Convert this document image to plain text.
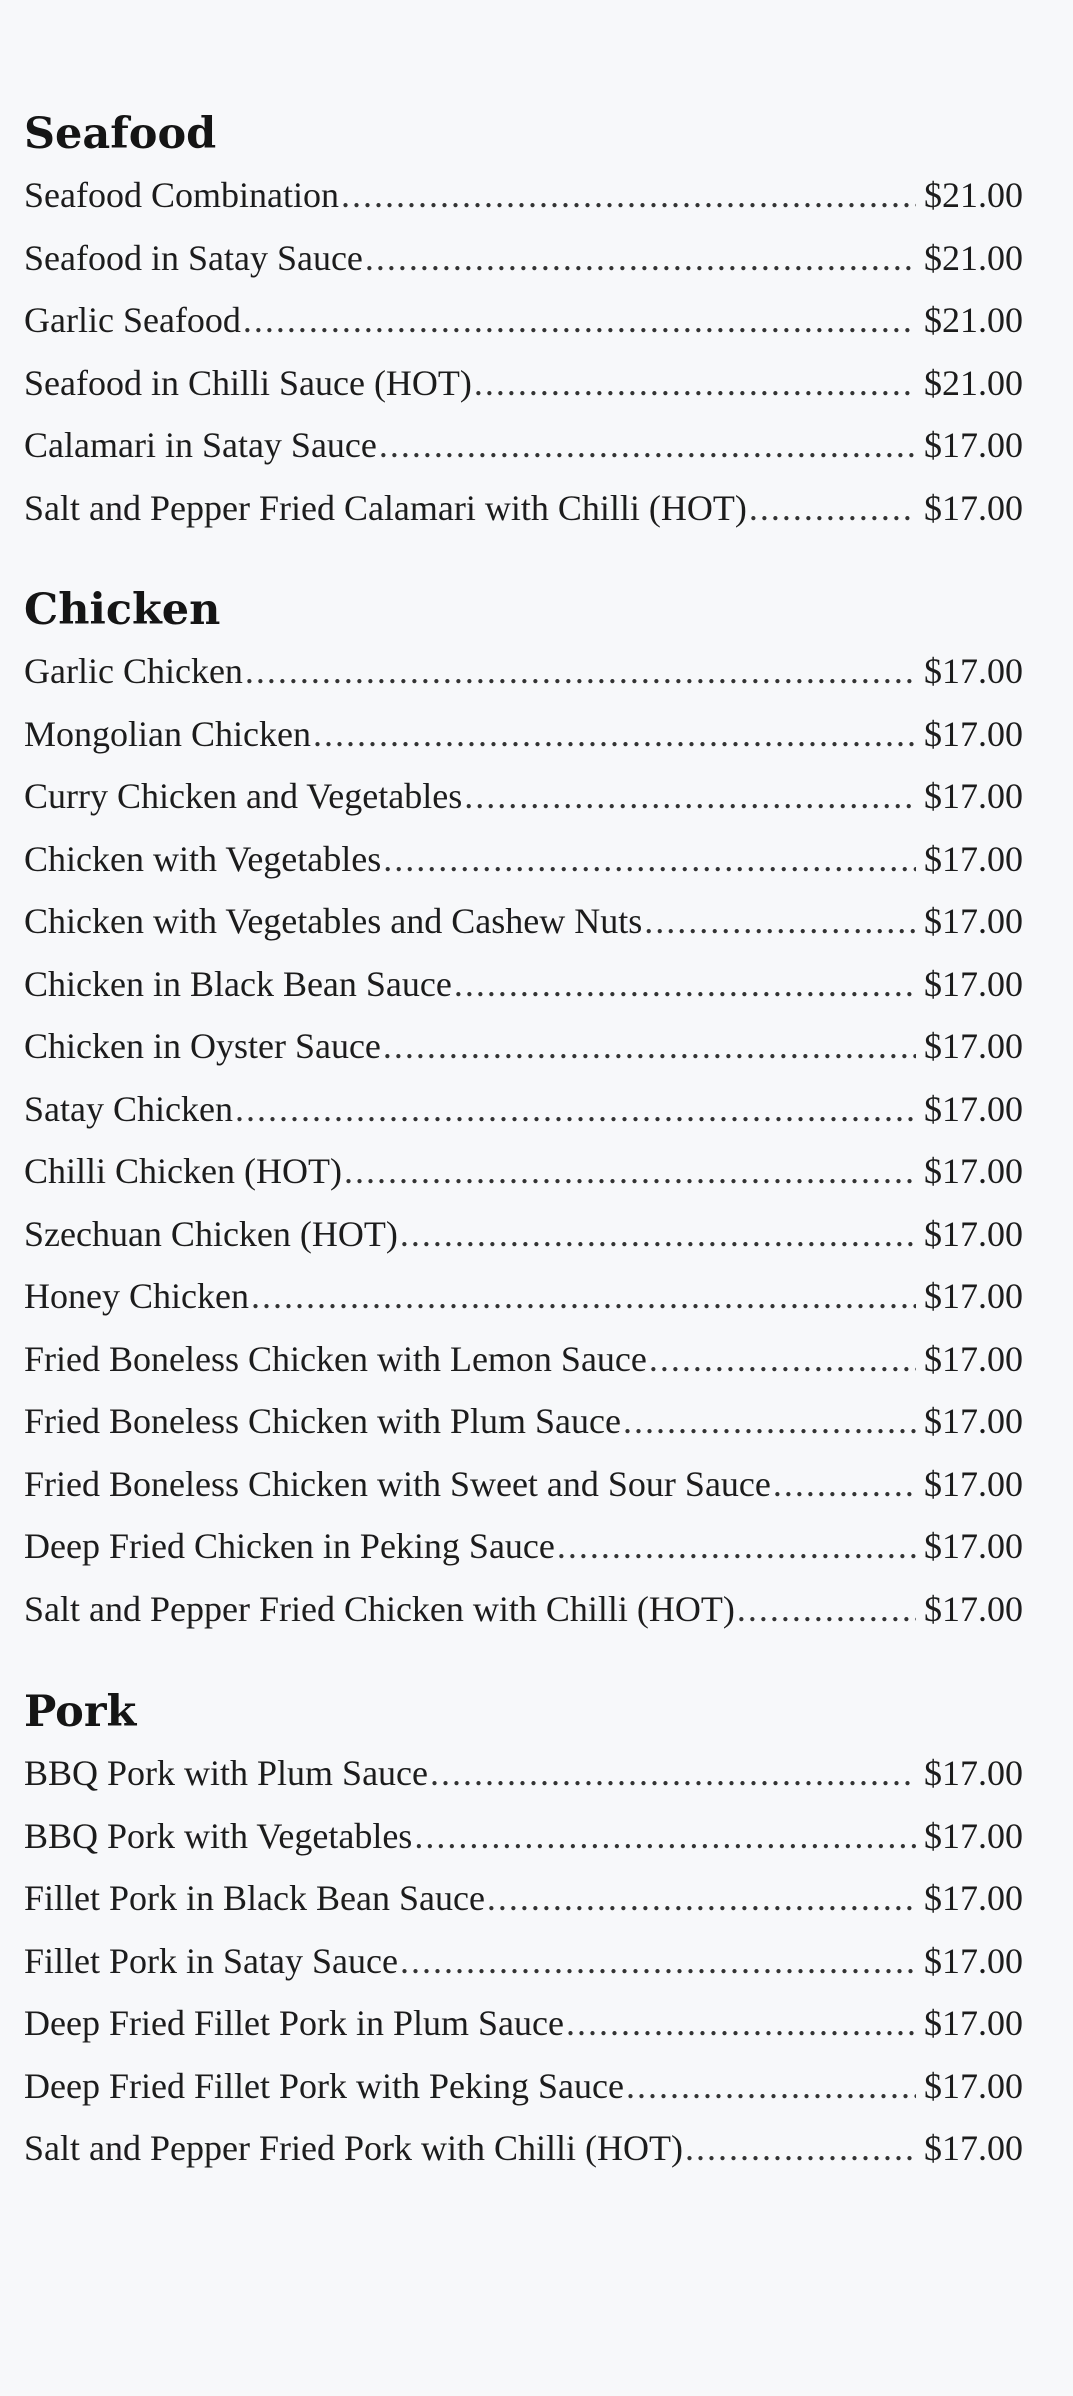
Seafood
Seafood Combination .....	$21.00
Seafood in Satay Sauce .....	$21.00
Garlic Seafood .....	$21.00
Seafood in Chilli Sauce (HOT) .....	$21.00
Calamari in Satay Sauce .....	$17.00
Salt and Pepper Fried Calamari with Chilli (HOT) .....	$17.00
Chicken
Garlic Chicken .....	$17.00
Mongolian Chicken .....	$17.00
Curry Chicken and Vegetables .....	$17.00
Chicken with Vegetables .....	$17.00
Chicken with Vegetables and Cashew Nuts .....	$17.00
Chicken in Black Bean Sauce .....	$17.00
Chicken in Oyster Sauce .....	$17.00
Satay Chicken .....	$17.00
Chilli Chicken (HOT) .....	$17.00
Szechuan Chicken (HOT) .....	$17.00
Honey Chicken .....	$17.00
Fried Boneless Chicken with Lemon Sauce .....	$17.00
Fried Boneless Chicken with Plum Sauce .....	$17.00
Fried Boneless Chicken with Sweet and Sour Sauce .....	$17.00
Deep Fried Chicken in Peking Sauce .....	$17.00
Salt and Pepper Fried Chicken with Chilli (HOT) .....	$17.00
Pork
BBQ Pork with Plum Sauce .....	$17.00
BBQ Pork with Vegetables .....	$17.00
Fillet Pork in Black Bean Sauce .....	$17.00
Fillet Pork in Satay Sauce .....	$17.00
Deep Fried Fillet Pork in Plum Sauce .....	$17.00
Deep Fried Fillet Pork with Peking Sauce .....	$17.00
Salt and Pepper Fried Pork with Chilli (HOT) .....	$17.00
